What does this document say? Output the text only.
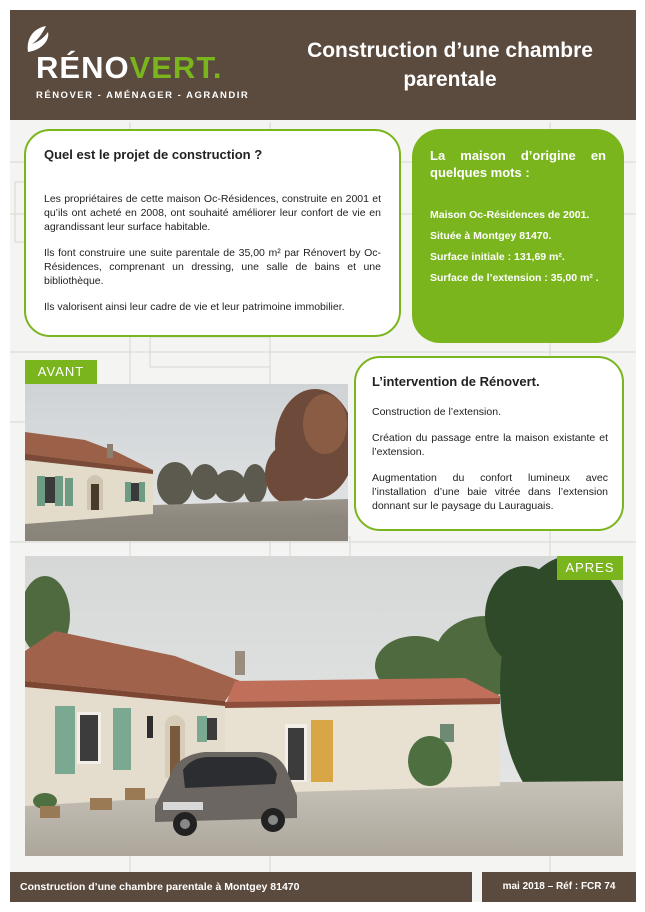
RÉNOVERT.
RÉNOVER - AMÉNAGER - AGRANDIR
Construction d’une chambre parentale
Quel est le projet de construction ?

Les propriétaires de cette maison Oc-Résidences, construite en 2001 et qu’ils ont acheté en 2008, ont souhaité améliorer leur confort de vie en agrandissant leur surface habitable.

Ils font construire une suite parentale de 35,00 m² par Rénovert by Oc-Résidences, comprenant un dressing, une salle de bains et une bibliothèque.

Ils valorisent ainsi leur cadre de vie et leur patrimoine immobilier.

La maison d’origine en quelques mots :
Maison Oc-Résidences de 2001.
Située à Montgey 81470.
Surface initiale : 131,69 m².
Surface de l’extension : 35,00 m² .
AVANT
L’intervention de Rénovert.

Construction de l’extension.

Création du passage entre la maison existante et l’extension.

Augmentation du confort lumineux avec l’installation d’une baie vitrée dans l’extension donnant sur le paysage du Lauraguais.

APRES
Construction d’une chambre parentale à Montgey 81470	mai 2018 – Réf : FCR 74
